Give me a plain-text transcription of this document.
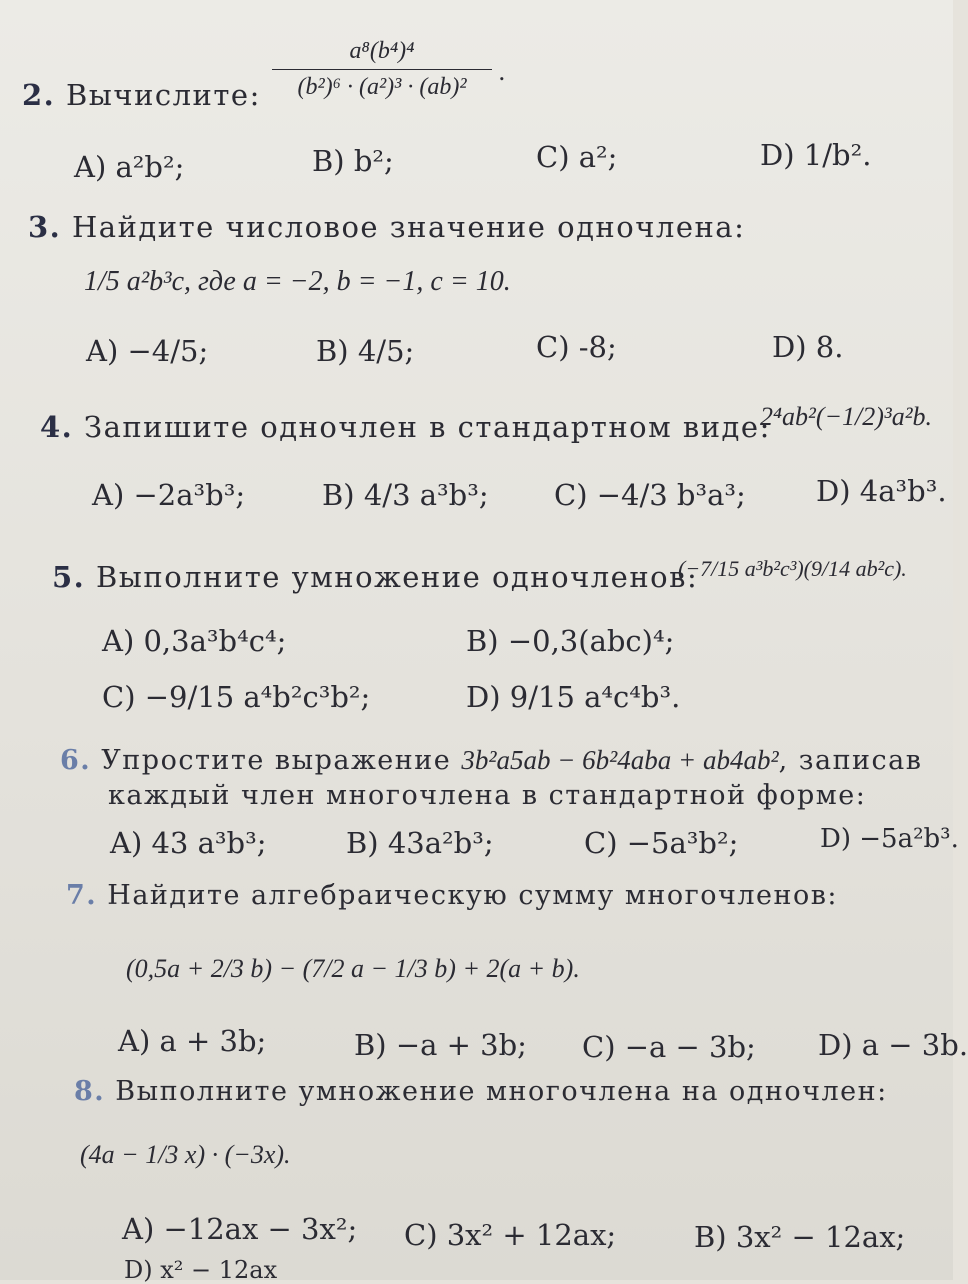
2. Вычислите: $\frac{\text{a⁸(b⁴)⁴}}{\text{(b²)⁶ · (a²)³ · (ab)²}}$ .
A) a²b²;	B) b²;	C) a²;	D) 1/b².
3. Найдите числовое значение одночлена:
1/5 a²b³c, где a = −2, b = −1, c = 10.
A) −4/5;	B) 4/5;	C) -8;	D) 8.
4. Запишите одночлен в стандартном виде:
2⁴ab²(−1/2)³a²b.
A) −2a³b³;	B) 4/3 a³b³; C) −4/3 b³a³; D) 4a³b³.
5. Выполните умножение одночленов:
(−7/15 a³b²c³)(9/14 ab²c).
A) 0,3a³b⁴c⁴;	B) −0,3(abc)⁴;
C) −9/15 a⁴b²c³b²;	D) 9/15 a⁴c⁴b³.
6. Упростите выражение 3b²a5ab − 6b²4aba + ab4ab², записав
каждый член многочлена в стандартной форме:
A) 43 a³b³;	B) 43a²b³;	C) −5a³b²;	D) −5a²b³.
7. Найдите алгебраическую сумму многочленов:
(0,5a + 2/3 b) − (7/2 a − 1/3 b) + 2(a + b).
A) a + 3b;	B) −a + 3b; C) −a − 3b; D) a − 3b.
8. Выполните умножение многочлена на одночлен:
(4a − 1/3 x) · (−3x).
A) −12ax − 3x²; C) 3x² + 12ax;	B) 3x² − 12ax;
D) x² − 12ax
